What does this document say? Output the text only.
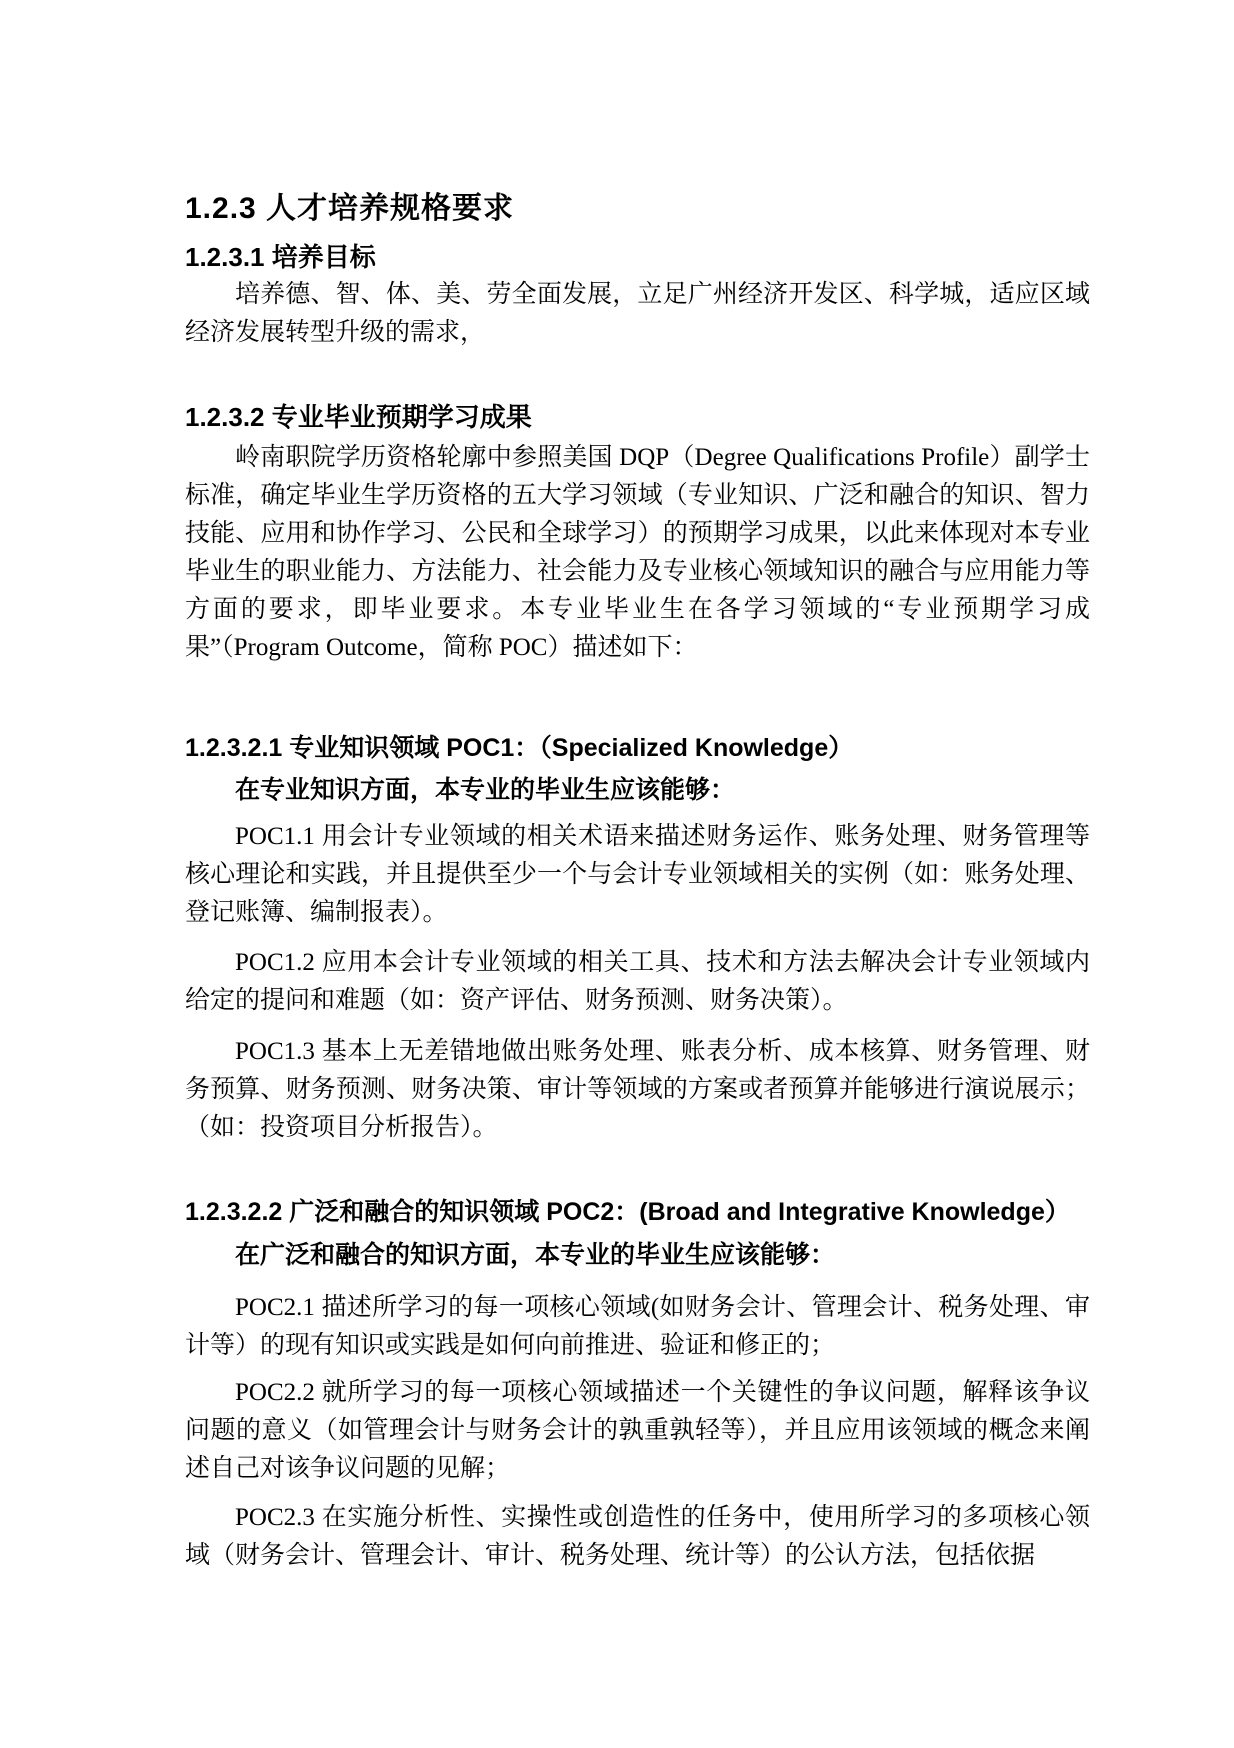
1.2.3 人才培养规格要求
1.2.3.1 培养目标

培养德、智、体、美、劳全面发展，立足广州经济开发区、科学城，适应区域经济发展转型升级的需求，

1.2.3.2 专业毕业预期学习成果

岭南职院学历资格轮廓中参照美国 DQP（Degree Qualifications Profile）副学士标准，确定毕业生学历资格的五大学习领域（专业知识、广泛和融合的知识、智力技能、应用和协作学习、公民和全球学习）的预期学习成果，以此来体现对本专业毕业生的职业能力、方法能力、社会能力及专业核心领域知识的融合与应用能力等方面的要求，即毕业要求。本专业毕业生在各学习领域的“专业预期学习成果”（Program Outcome，简称 POC）描述如下：

1.2.3.2.1 专业知识领域 POC1：（Specialized Knowledge）
在专业知识方面，本专业的毕业生应该能够：

POC1.1 用会计专业领域的相关术语来描述财务运作、账务处理、财务管理等核心理论和实践，并且提供至少一个与会计专业领域相关的实例（如：账务处理、登记账簿、编制报表）。

POC1.2 应用本会计专业领域的相关工具、技术和方法去解决会计专业领域内给定的提问和难题（如：资产评估、财务预测、财务决策）。

POC1.3 基本上无差错地做出账务处理、账表分析、成本核算、财务管理、财务预算、财务预测、财务决策、审计等领域的方案或者预算并能够进行演说展示；（如：投资项目分析报告）。

1.2.3.2.2 广泛和融合的知识领域 POC2：(Broad and Integrative Knowledge）
在广泛和融合的知识方面，本专业的毕业生应该能够：

POC2.1 描述所学习的每一项核心领域(如财务会计、管理会计、税务处理、审计等）的现有知识或实践是如何向前推进、验证和修正的；

POC2.2 就所学习的每一项核心领域描述一个关键性的争议问题，解释该争议问题的意义（如管理会计与财务会计的孰重孰轻等），并且应用该领域的概念来阐述自己对该争议问题的见解；

POC2.3 在实施分析性、实操性或创造性的任务中，使用所学习的多项核心领域（财务会计、管理会计、审计、税务处理、统计等）的公认方法，包括依据
